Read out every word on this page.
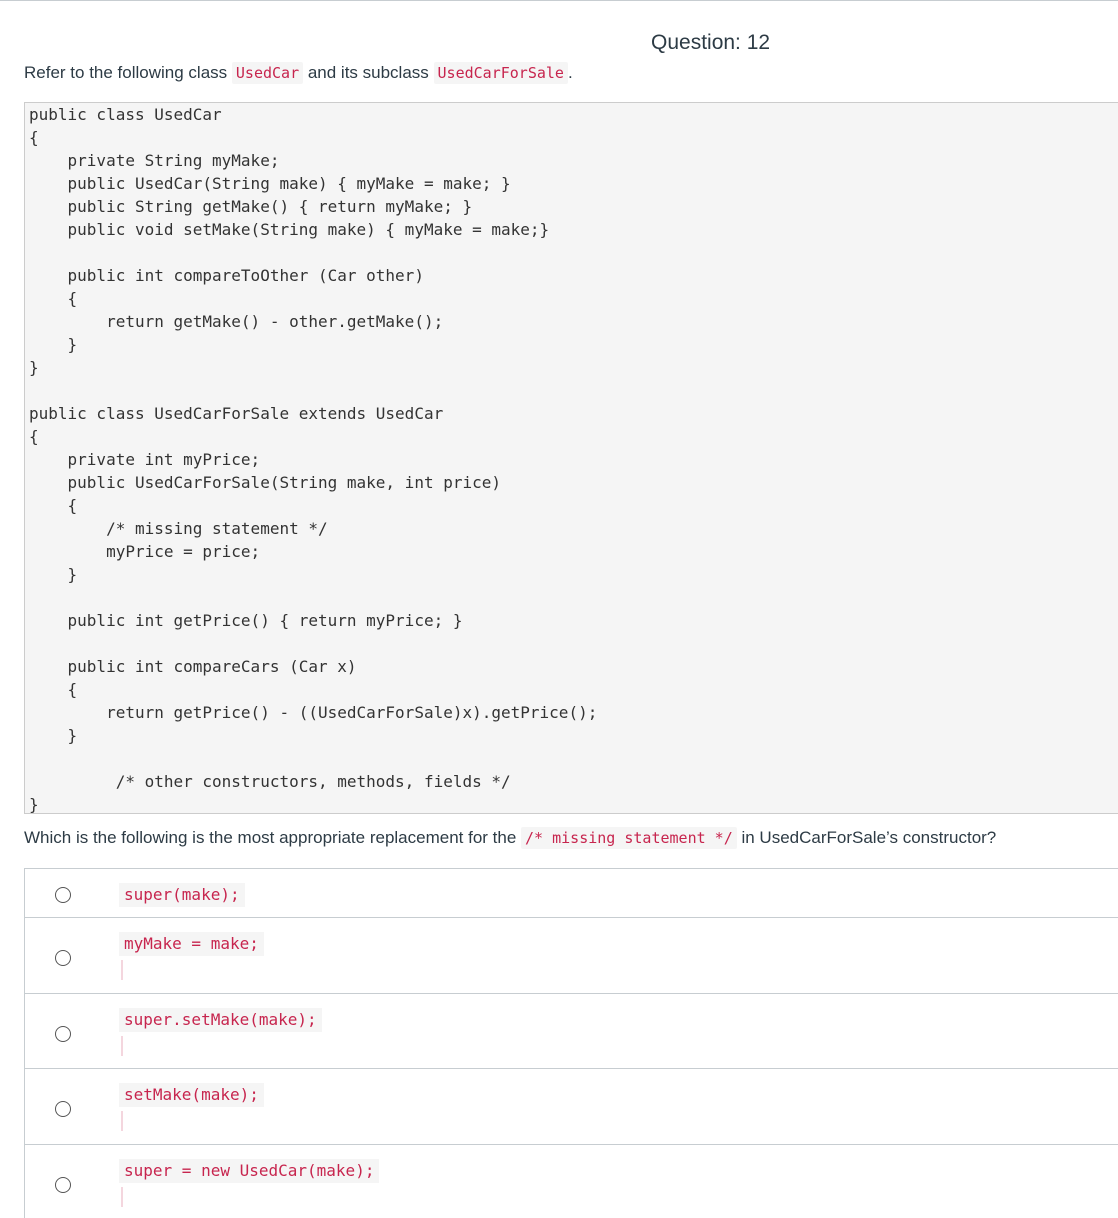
Question: 12
Refer to the following class UsedCar and its subclass UsedCarForSale .
public class UsedCar
{
private String myMake;
public UsedCar(String make) { myMake = make; }
public String getMake() { return myMake; }
public void setMake(String make) { myMake = make;}

public int compareToOther (Car other)
{
return getMake() - other.getMake();
}
}

public class UsedCarForSale extends UsedCar
{
private int myPrice;
public UsedCarForSale(String make, int price)
{
/* missing statement */
myPrice = price;
}

public int getPrice() { return myPrice; }

public int compareCars (Car x)
{
return getPrice() - ((UsedCarForSale)x).getPrice();
}

/* other constructors, methods, fields */
}
Which is the following is the most appropriate replacement for the /* missing statement */ in UsedCarForSale’s constructor?
super(make);
myMake = make;
super.setMake(make);
setMake(make);
super = new UsedCar(make);
